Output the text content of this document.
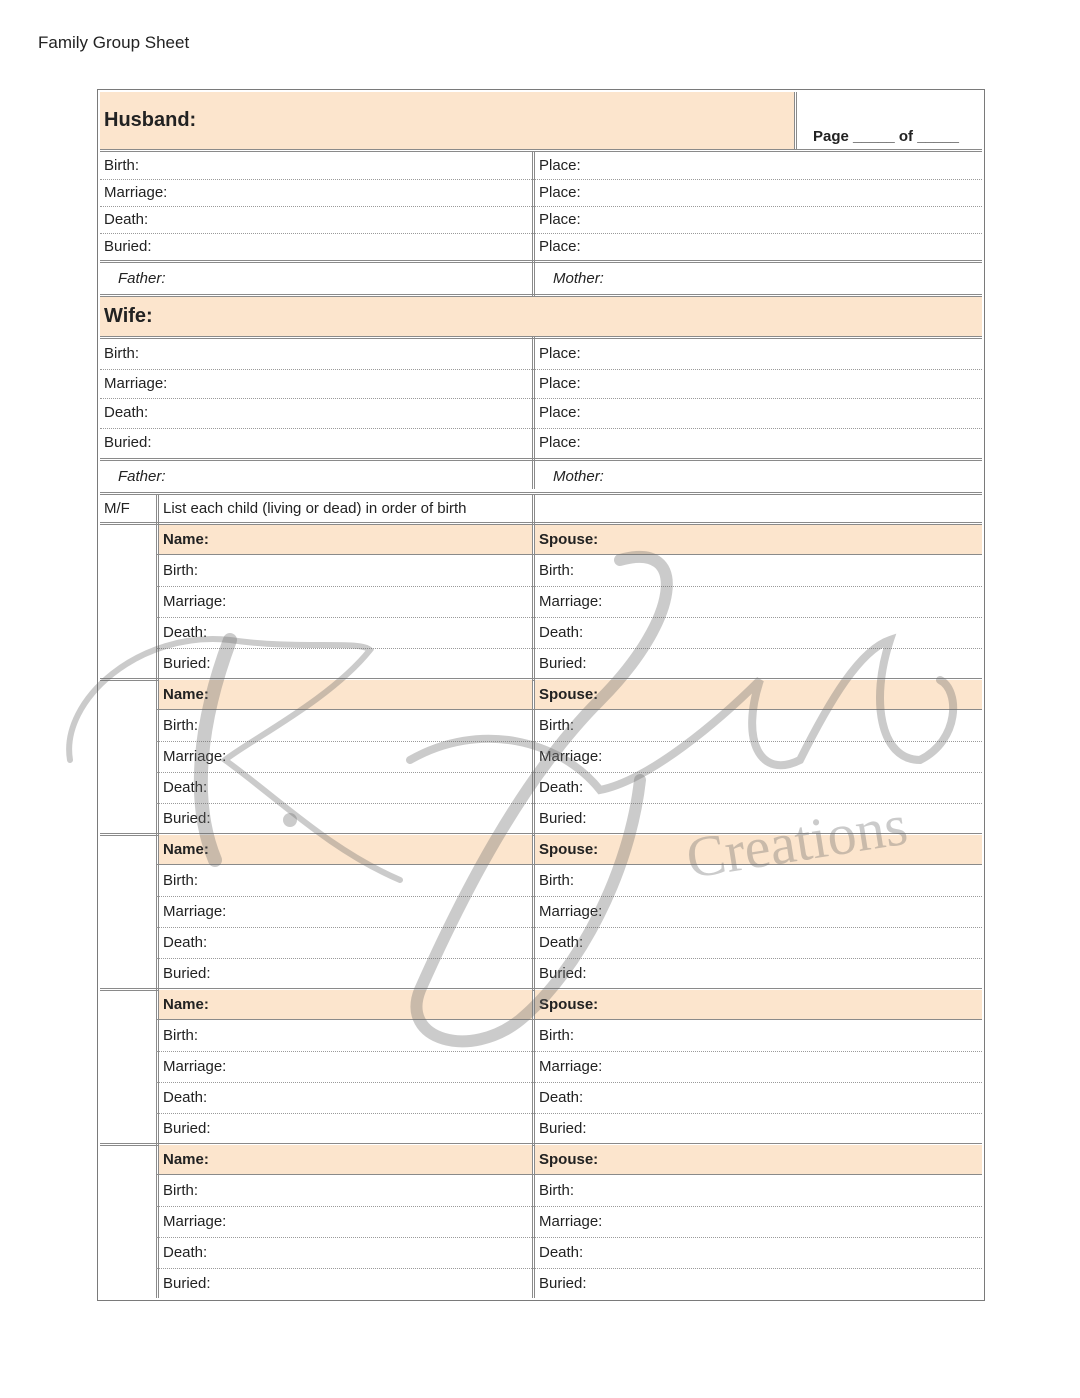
Family Group Sheet
Husband:
Page _____ of _____
Birth:	Place:
Marriage:	Place:
Death:	Place:
Buried:	Place:
Father:	Mother:
Wife:
Birth:	Place:
Marriage:	Place:
Death:	Place:
Buried:	Place:
Father:	Mother:
M/F	List each child (living or dead) in order of birth
Name:	Spouse:
Birth:	Birth:
Marriage:	Marriage:
Death:	Death:
Buried:	Buried:
Name:	Spouse:
Birth:	Birth:
Marriage:	Marriage:
Death:	Death:
Buried:	Buried:
Name:	Spouse:
Birth:	Birth:
Marriage:	Marriage:
Death:	Death:
Buried:	Buried:
Name:	Spouse:
Birth:	Birth:
Marriage:	Marriage:
Death:	Death:
Buried:	Buried:
Name:	Spouse:
Birth:	Birth:
Marriage:	Marriage:
Death:	Death:
Buried:	Buried:
Creations
